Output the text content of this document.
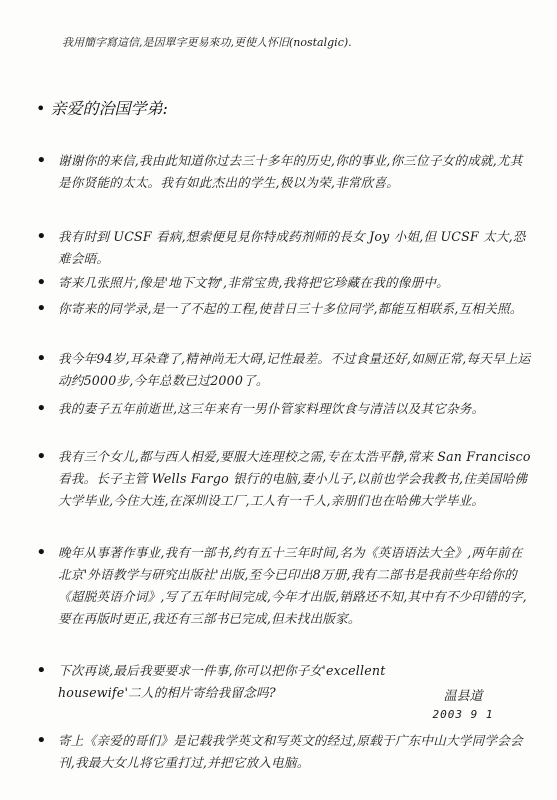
我用簡字寫這信,是因單字更易來功,更使人怀旧(nostalgic).
• 亲爱的治国学弟:
• 谢谢你的来信,我由此知道你过去三十多年的历史,你的事业,你三位子女的成就,尤其是你贤能的太太。我有如此杰出的学生,极以为荣,非常欣喜。
• 我有时到 UCSF 看病,想索便見見你特成药剂师的長女 Joy 小姐,但 UCSF 太大,恐难会晤。
• 寄来几张照片,像是'地下文物',非常宝贵,我将把它珍藏在我的像册中。
• 你寄来的同学录,是一了不起的工程,使昔日三十多位同学,都能互相联系,互相关照。
• 我今年94岁,耳朵聋了,精神尚无大碍,记性最差。不过食量还好,如厕正常,每天早上运动约5000步,今年总数已过2000了。
• 我的妻子五年前逝世,这三年来有一男仆管家料理饮食与清洁以及其它杂务。
• 我有三个女儿,都与西人相爱,要服大连理校之需,专在太浩平静,常来 San Francisco 看我。长子主管 Wells Fargo 银行的电脑,妻小儿子,以前也学会我教书,住美国哈佛大学毕业,今住大连,在深圳设工厂,工人有一千人,亲朋们也在哈佛大学毕业。
• 晚年从事著作事业,我有一部书,约有五十三年时间,名为《英语语法大全》,两年前在北京'外语教学与研究出版社'出版,至今已印出8万册,我有二部书是我前些年给你的《超脱英语介词》,写了五年时间完成,今年才出版,销路还不知,其中有不少印错的字,要在再版时更正,我还有三部书已完成,但未找出版家。
• 下次再谈,最后我要要求一件事,你可以把你子女'excellent housewife'二人的相片寄给我留念吗?
• 寄上《亲爱的哥们》是记载我学英文和写英文的经过,原载于广东中山大学同学会会刊,我最大女儿将它重打过,并把它放入电脑。
温县道
2003 9 1
